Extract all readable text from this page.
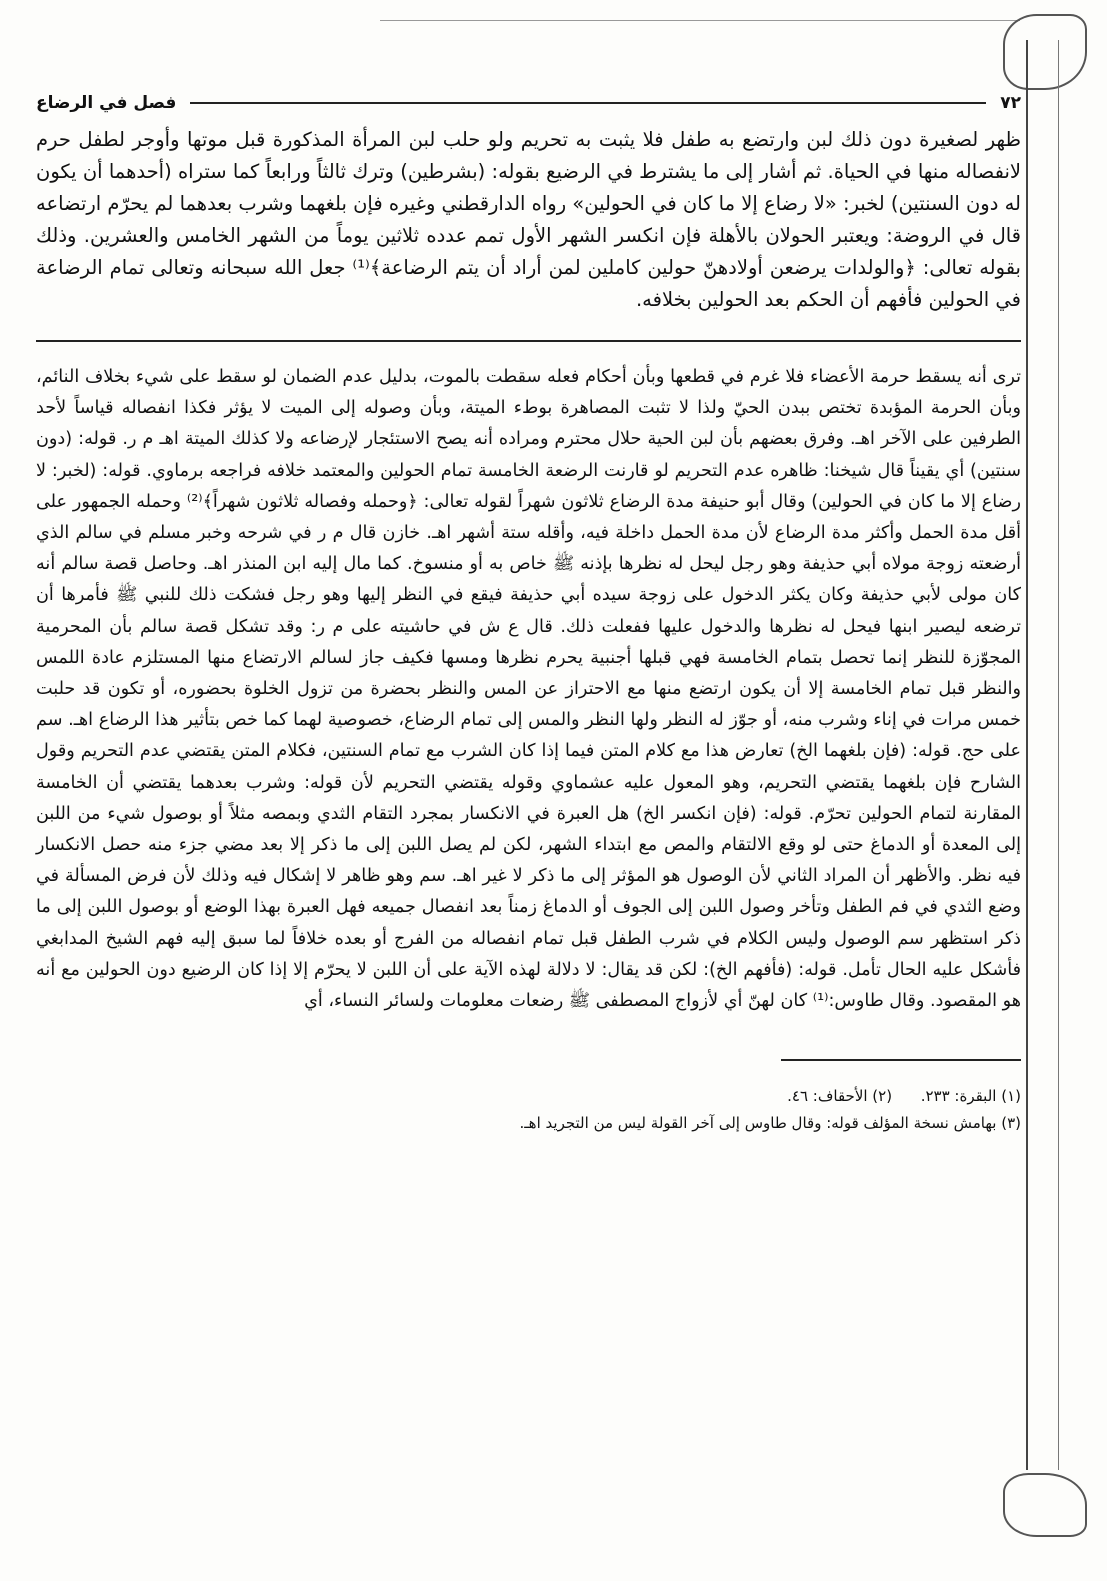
٧٢
فصل في الرضاع

ظهر لصغيرة دون ذلك لبن وارتضع به طفل فلا يثبت به تحريم ولو حلب لبن المرأة المذكورة قبل موتها وأوجر لطفل حرم لانفصاله منها في الحياة. ثم أشار إلى ما يشترط في الرضيع بقوله: (بشرطين) وترك ثالثاً ورابعاً كما ستراه (أحدهما أن يكون له دون السنتين) لخبر: «لا رضاع إلا ما كان في الحولين» رواه الدارقطني وغيره فإن بلغهما وشرب بعدهما لم يحرّم ارتضاعه قال في الروضة: ويعتبر الحولان بالأهلة فإن انكسر الشهر الأول تمم عدده ثلاثين يوماً من الشهر الخامس والعشرين. وذلك بقوله تعالى: ﴿والولدات يرضعن أولادهنّ حولين كاملين لمن أراد أن يتم الرضاعة﴾⁽¹⁾ جعل الله سبحانه وتعالى تمام الرضاعة في الحولين فأفهم أن الحكم بعد الحولين بخلافه.

ترى أنه يسقط حرمة الأعضاء فلا غرم في قطعها وبأن أحكام فعله سقطت بالموت، بدليل عدم الضمان لو سقط على شيء بخلاف النائم، وبأن الحرمة المؤبدة تختص ببدن الحيّ ولذا لا تثبت المصاهرة بوطء الميتة، وبأن وصوله إلى الميت لا يؤثر فكذا انفصاله قياساً لأحد الطرفين على الآخر اهـ. وفرق بعضهم بأن لبن الحية حلال محترم ومراده أنه يصح الاستئجار لإرضاعه ولا كذلك الميتة اهـ م ر. قوله: (دون سنتين) أي يقيناً قال شيخنا: ظاهره عدم التحريم لو قارنت الرضعة الخامسة تمام الحولين والمعتمد خلافه فراجعه برماوي. قوله: (لخبر: لا رضاع إلا ما كان في الحولين) وقال أبو حنيفة مدة الرضاع ثلاثون شهراً لقوله تعالى: ﴿وحمله وفصاله ثلاثون شهراً﴾⁽²⁾ وحمله الجمهور على أقل مدة الحمل وأكثر مدة الرضاع لأن مدة الحمل داخلة فيه، وأقله ستة أشهر اهـ. خازن قال م ر في شرحه وخبر مسلم في سالم الذي أرضعته زوجة مولاه أبي حذيفة وهو رجل ليحل له نظرها بإذنه ﷺ خاص به أو منسوخ. كما مال إليه ابن المنذر اهـ. وحاصل قصة سالم أنه كان مولى لأبي حذيفة وكان يكثر الدخول على زوجة سيده أبي حذيفة فيقع في النظر إليها وهو رجل فشكت ذلك للنبي ﷺ فأمرها أن ترضعه ليصير ابنها فيحل له نظرها والدخول عليها ففعلت ذلك. قال ع ش في حاشيته على م ر: وقد تشكل قصة سالم بأن المحرمية المجوّزة للنظر إنما تحصل بتمام الخامسة فهي قبلها أجنبية يحرم نظرها ومسها فكيف جاز لسالم الارتضاع منها المستلزم عادة اللمس والنظر قبل تمام الخامسة إلا أن يكون ارتضع منها مع الاحتراز عن المس والنظر بحضرة من تزول الخلوة بحضوره، أو تكون قد حلبت خمس مرات في إناء وشرب منه، أو جوّز له النظر ولها النظر والمس إلى تمام الرضاع، خصوصية لهما كما خص بتأثير هذا الرضاع اهـ. سم على حج. قوله: (فإن بلغهما الخ) تعارض هذا مع كلام المتن فيما إذا كان الشرب مع تمام السنتين، فكلام المتن يقتضي عدم التحريم وقول الشارح فإن بلغهما يقتضي التحريم، وهو المعول عليه عشماوي وقوله يقتضي التحريم لأن قوله: وشرب بعدهما يقتضي أن الخامسة المقارنة لتمام الحولين تحرّم. قوله: (فإن انكسر الخ) هل العبرة في الانكسار بمجرد التقام الثدي وبمصه مثلاً أو بوصول شيء من اللبن إلى المعدة أو الدماغ حتى لو وقع الالتقام والمص مع ابتداء الشهر، لكن لم يصل اللبن إلى ما ذكر إلا بعد مضي جزء منه حصل الانكسار فيه نظر. والأظهر أن المراد الثاني لأن الوصول هو المؤثر إلى ما ذكر لا غير اهـ. سم وهو ظاهر لا إشكال فيه وذلك لأن فرض المسألة في وضع الثدي في فم الطفل وتأخر وصول اللبن إلى الجوف أو الدماغ زمناً بعد انفصال جميعه فهل العبرة بهذا الوضع أو بوصول اللبن إلى ما ذكر استظهر سم الوصول وليس الكلام في شرب الطفل قبل تمام انفصاله من الفرج أو بعده خلافاً لما سبق إليه فهم الشيخ المدابغي فأشكل عليه الحال تأمل. قوله: (فأفهم الخ): لكن قد يقال: لا دلالة لهذه الآية على أن اللبن لا يحرّم إلا إذا كان الرضيع دون الحولين مع أنه هو المقصود. وقال طاوس:⁽¹⁾ كان لهنّ أي لأزواج المصطفى ﷺ رضعات معلومات ولسائر النساء، أي

(١) البقرة: ٢٣٣.      (٢) الأحقاف: ٤٦.
(٣) بهامش نسخة المؤلف قوله: وقال طاوس إلى آخر القولة ليس من التجريد اهـ.
